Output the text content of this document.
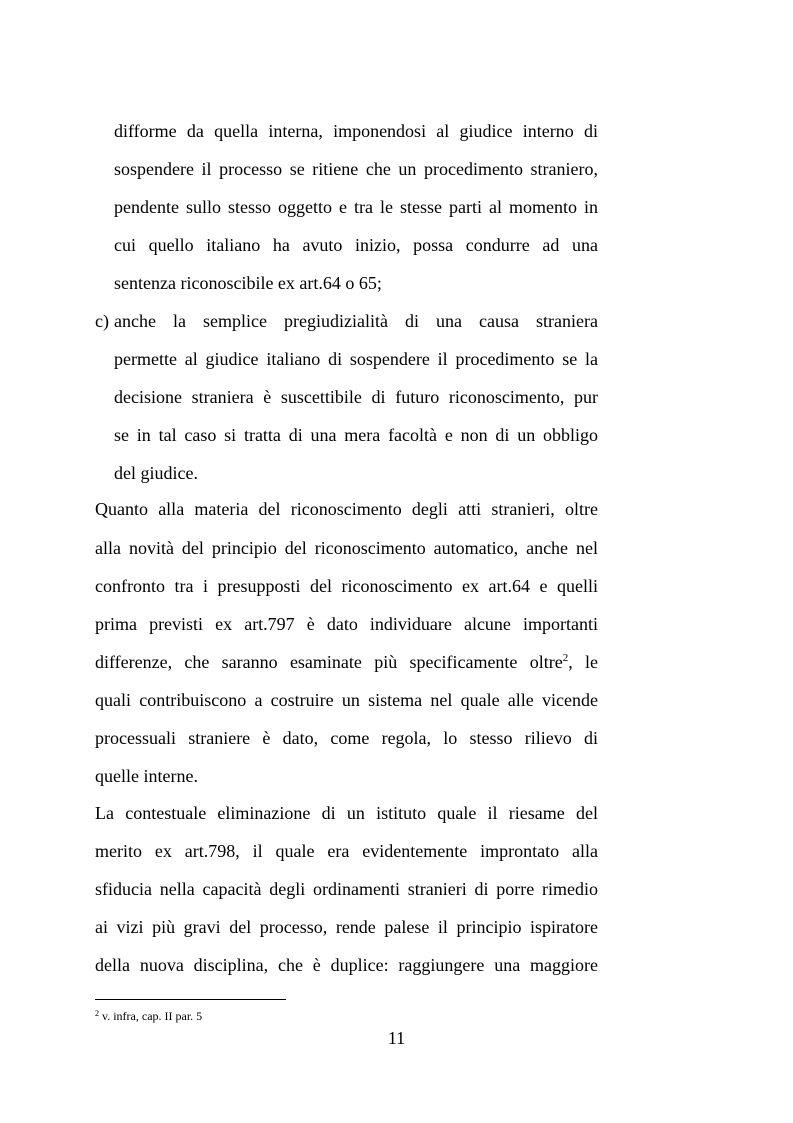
difforme da quella interna, imponendosi al giudice interno di
sospendere il processo se ritiene che un procedimento straniero,
pendente sullo stesso oggetto e tra le stesse parti al momento in
cui quello italiano ha avuto inizio, possa condurre ad una
sentenza riconoscibile ex art.64 o 65;
c) anche la semplice pregiudizialità di una causa straniera
permette al giudice italiano di sospendere il procedimento se la
decisione straniera è suscettibile di futuro riconoscimento, pur
se in tal caso si tratta di una mera facoltà e non di un obbligo
del giudice.
Quanto alla materia del riconoscimento degli atti stranieri, oltre
alla novità del principio del riconoscimento automatico, anche nel
confronto tra i presupposti del riconoscimento ex art.64 e quelli
prima previsti ex art.797 è dato individuare alcune importanti
differenze, che saranno esaminate più specificamente oltre$^2$, le
quali contribuiscono a costruire un sistema nel quale alle vicende
processuali straniere è dato, come regola, lo stesso rilievo di
quelle interne.
La contestuale eliminazione di un istituto quale il riesame del
merito ex art.798, il quale era evidentemente improntato alla
sfiducia nella capacità degli ordinamenti stranieri di porre rimedio
ai vizi più gravi del processo, rende palese il principio ispiratore
della nuova disciplina, che è duplice: raggiungere una maggiore
$^2$ v. infra, cap. II par. 5
11
